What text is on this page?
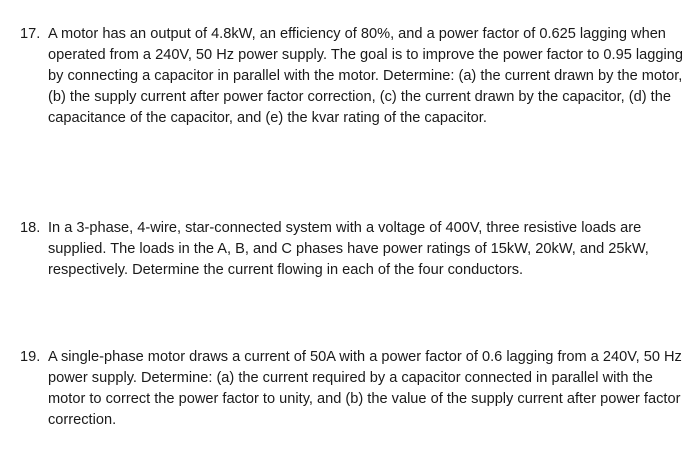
17. A motor has an output of 4.8kW, an efficiency of 80%, and a power factor of 0.625 lagging when operated from a 240V, 50 Hz power supply. The goal is to improve the power factor to 0.95 lagging by connecting a capacitor in parallel with the motor. Determine: (a) the current drawn by the motor, (b) the supply current after power factor correction, (c) the current drawn by the capacitor, (d) the capacitance of the capacitor, and (e) the kvar rating of the capacitor.
18. In a 3-phase, 4-wire, star-connected system with a voltage of 400V, three resistive loads are supplied. The loads in the A, B, and C phases have power ratings of 15kW, 20kW, and 25kW, respectively. Determine the current flowing in each of the four conductors.
19. A single-phase motor draws a current of 50A with a power factor of 0.6 lagging from a 240V, 50 Hz power supply. Determine: (a) the current required by a capacitor connected in parallel with the motor to correct the power factor to unity, and (b) the value of the supply current after power factor correction.
